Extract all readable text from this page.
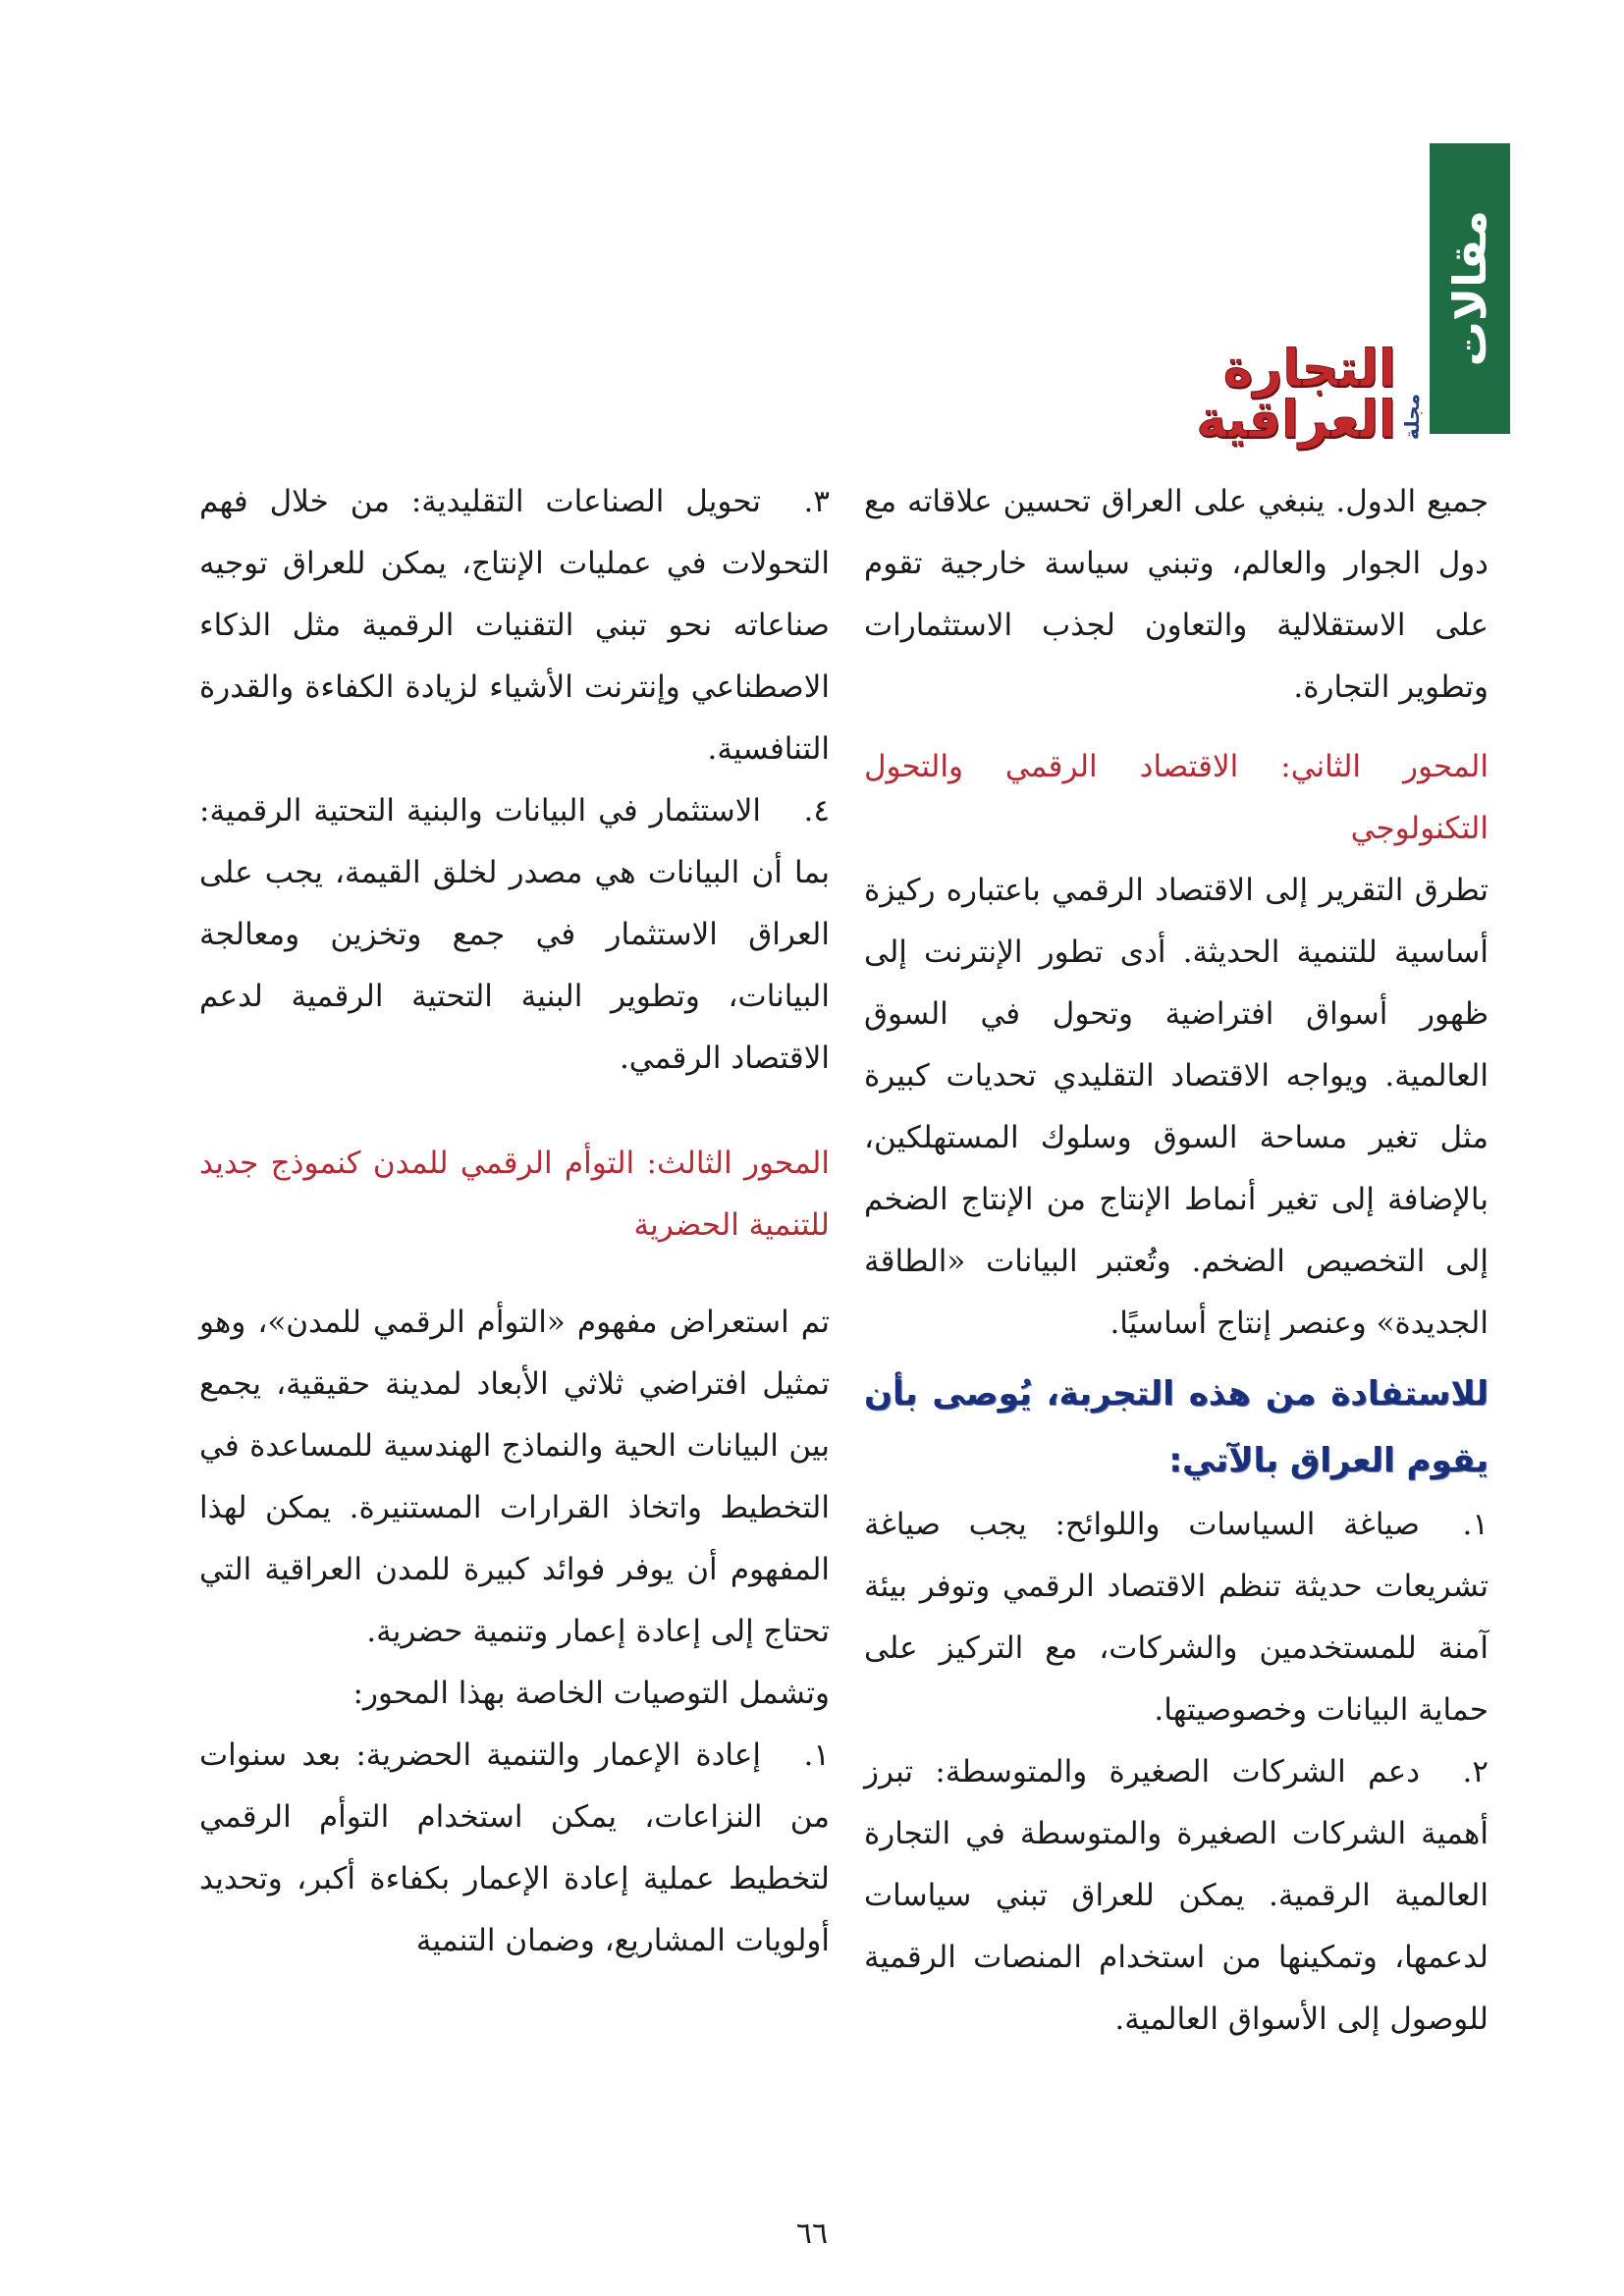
مقالات
مجلة
التجارة العراقية

جميع الدول. ينبغي على العراق تحسين علاقاته مع دول الجوار والعالم، وتبني سياسة خارجية تقوم على الاستقلالية والتعاون لجذب الاستثمارات وتطوير التجارة.

المحور الثاني: الاقتصاد الرقمي والتحول التكنولوجي

تطرق التقرير إلى الاقتصاد الرقمي باعتباره ركيزة أساسية للتنمية الحديثة. أدى تطور الإنترنت إلى ظهور أسواق افتراضية وتحول في السوق العالمية. ويواجه الاقتصاد التقليدي تحديات كبيرة مثل تغير مساحة السوق وسلوك المستهلكين، بالإضافة إلى تغير أنماط الإنتاج من الإنتاج الضخم إلى التخصيص الضخم. وتُعتبر البيانات «الطاقة الجديدة» وعنصر إنتاج أساسيًا.

للاستفادة من هذه التجربة، يُوصى بأن يقوم العراق بالآتي:

١.صياغة السياسات واللوائح: يجب صياغة تشريعات حديثة تنظم الاقتصاد الرقمي وتوفر بيئة آمنة للمستخدمين والشركات، مع التركيز على حماية البيانات وخصوصيتها.

٢.دعم الشركات الصغيرة والمتوسطة: تبرز أهمية الشركات الصغيرة والمتوسطة في التجارة العالمية الرقمية. يمكن للعراق تبني سياسات لدعمها، وتمكينها من استخدام المنصات الرقمية للوصول إلى الأسواق العالمية.

٣.تحويل الصناعات التقليدية: من خلال فهم التحولات في عمليات الإنتاج، يمكن للعراق توجيه صناعاته نحو تبني التقنيات الرقمية مثل الذكاء الاصطناعي وإنترنت الأشياء لزيادة الكفاءة والقدرة التنافسية.

٤.الاستثمار في البيانات والبنية التحتية الرقمية: بما أن البيانات هي مصدر لخلق القيمة، يجب على العراق الاستثمار في جمع وتخزين ومعالجة البيانات، وتطوير البنية التحتية الرقمية لدعم الاقتصاد الرقمي.

المحور الثالث: التوأم الرقمي للمدن كنموذج جديد للتنمية الحضرية

تم استعراض مفهوم «التوأم الرقمي للمدن»، وهو تمثيل افتراضي ثلاثي الأبعاد لمدينة حقيقية، يجمع بين البيانات الحية والنماذج الهندسية للمساعدة في التخطيط واتخاذ القرارات المستنيرة. يمكن لهذا المفهوم أن يوفر فوائد كبيرة للمدن العراقية التي تحتاج إلى إعادة إعمار وتنمية حضرية.

وتشمل التوصيات الخاصة بهذا المحور:

١.إعادة الإعمار والتنمية الحضرية: بعد سنوات من النزاعات، يمكن استخدام التوأم الرقمي لتخطيط عملية إعادة الإعمار بكفاءة أكبر، وتحديد أولويات المشاريع، وضمان التنمية

٦٦
